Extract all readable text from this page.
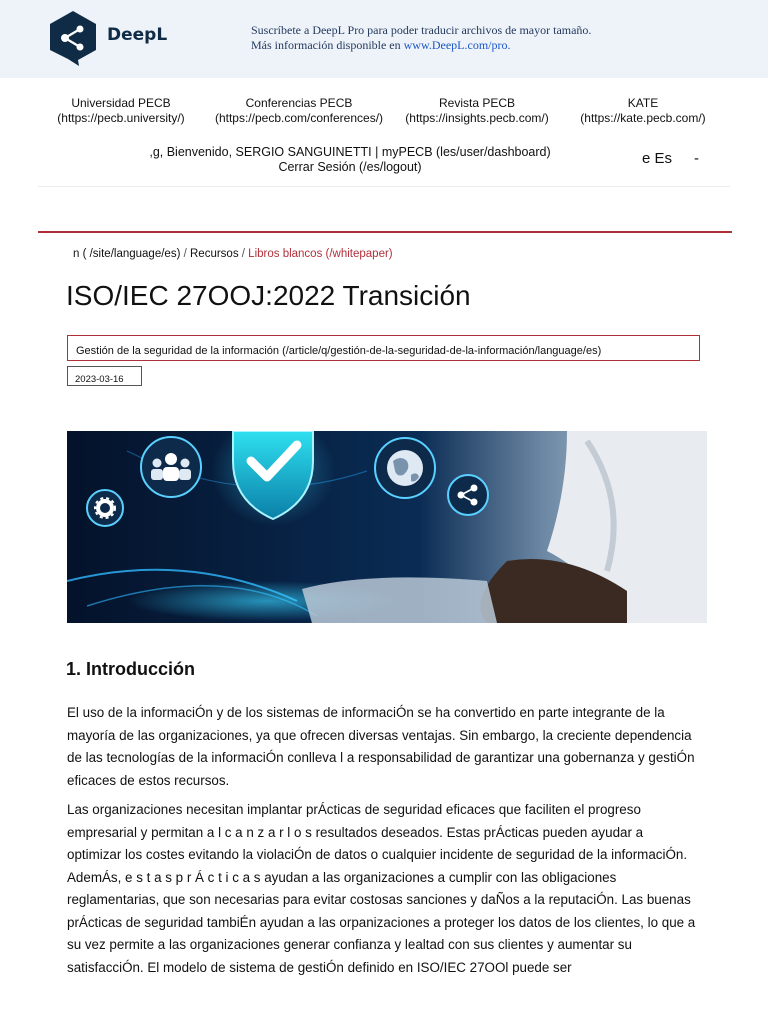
DeepL	Suscríbete a DeepL Pro para poder traducir archivos de mayor tamaño.
Más información disponible en www.DeepL.com/pro.
Universidad PECB
(https://pecb.university/)
Conferencias PECB
(https://pecb.com/conferences/)
Revista PECB
(https://insights.pecb.com/)
KATE
(https://kate.pecb.com/)
,g, Bienvenido, SERGIO SANGUINETTI | myPECB (les/user/dashboard)
Cerrar Sesión (/es/logout)	e Es -
n ( /site/language/es) / Recursos / Libros blancos (/whitepaper)
ISO/IEC 27OOJ:2022 Transición
Gestión de la seguridad de la información (/article/q/gestión-de-la-seguridad-de-la-información/language/es)
2023-03-16
1. Introducción

El uso de la informaciÓn y de los sistemas de informaciÓn se ha convertido en parte integrante de la mayoría de las organizaciones, ya que ofrecen diversas ventajas. Sin embargo, la creciente dependencia de las tecnologías de la informaciÓn conlleva l a responsabilidad de garantizar una gobernanza y gestiÓn eficaces de estos recursos.

Las organizaciones necesitan implantar prÁcticas de seguridad eficaces que faciliten el progreso empresarial y permitan a l c a n z a r l o s resultados deseados. Estas prÁcticas pueden ayudar a optimizar los costes evitando la violaciÓn de datos o cualquier incidente de seguridad de la informaciÓn. AdemÁs, e s t a s p r Á c t i c a s ayudan a las organizaciones a cumplir con las obligaciones reglamentarias, que son necesarias para evitar costosas sanciones y daÑos a la reputaciÓn. Las buenas prÁcticas de seguridad tambiÉn ayudan a las orpanizaciones a proteger los datos de los clientes, lo que a su vez permite a las organizaciones generar confianza y lealtad con sus clientes y aumentar su satisfacciÓn. El modelo de sistema de gestiÓn definido en ISO/IEC 27OOl puede ser
